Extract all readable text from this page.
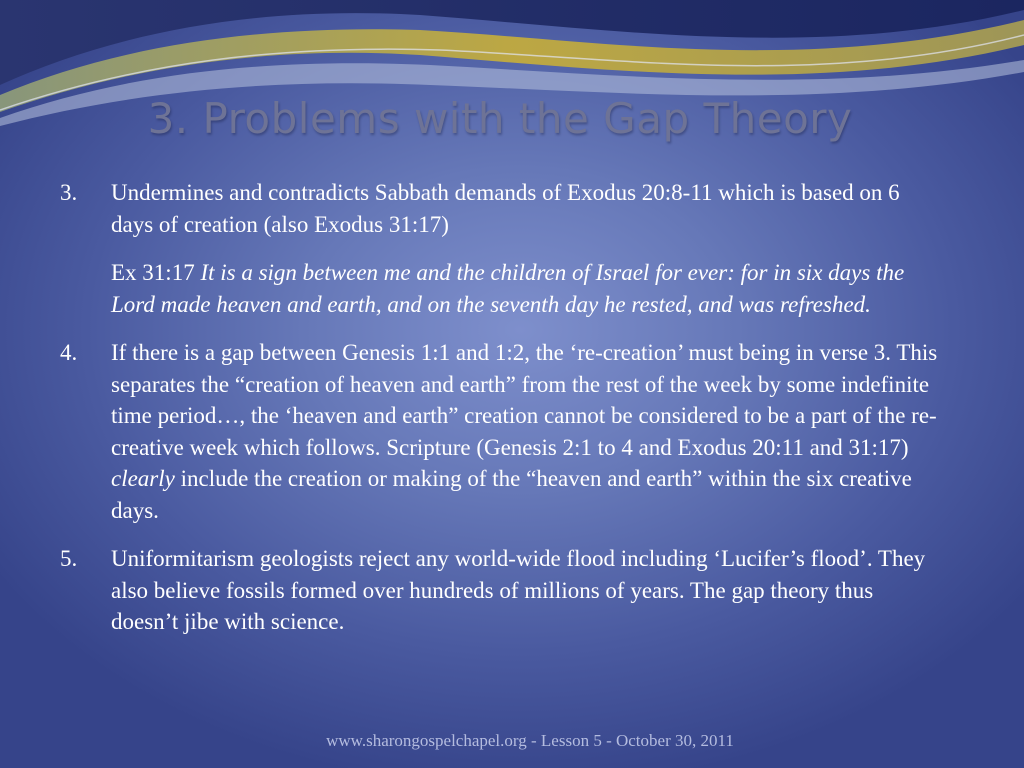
3. Problems with the Gap Theory
3.	Undermines and contradicts Sabbath demands of Exodus 20:8-11 which is based on 6 days of creation (also Exodus 31:17)
Ex 31:17 It is a sign between me and the children of Israel for ever: for in six days the Lord made heaven and earth, and on the seventh day he rested, and was refreshed.
4.	If there is a gap between Genesis 1:1 and 1:2, the ‘re-creation’ must being in verse 3. This separates the “creation of heaven and earth” from the rest of the week by some indefinite time period…, the ‘heaven and earth” creation cannot be considered to be a part of the re-creative week which follows. Scripture (Genesis 2:1 to 4 and Exodus 20:11 and 31:17) clearly include the creation or making of the “heaven and earth” within the six creative days.
5.	Uniformitarism geologists reject any world-wide flood including ‘Lucifer’s flood’. They also believe fossils formed over hundreds of millions of years. The gap theory thus doesn’t jibe with science.
www.sharongospelchapel.org - Lesson 5 - October 30, 2011
